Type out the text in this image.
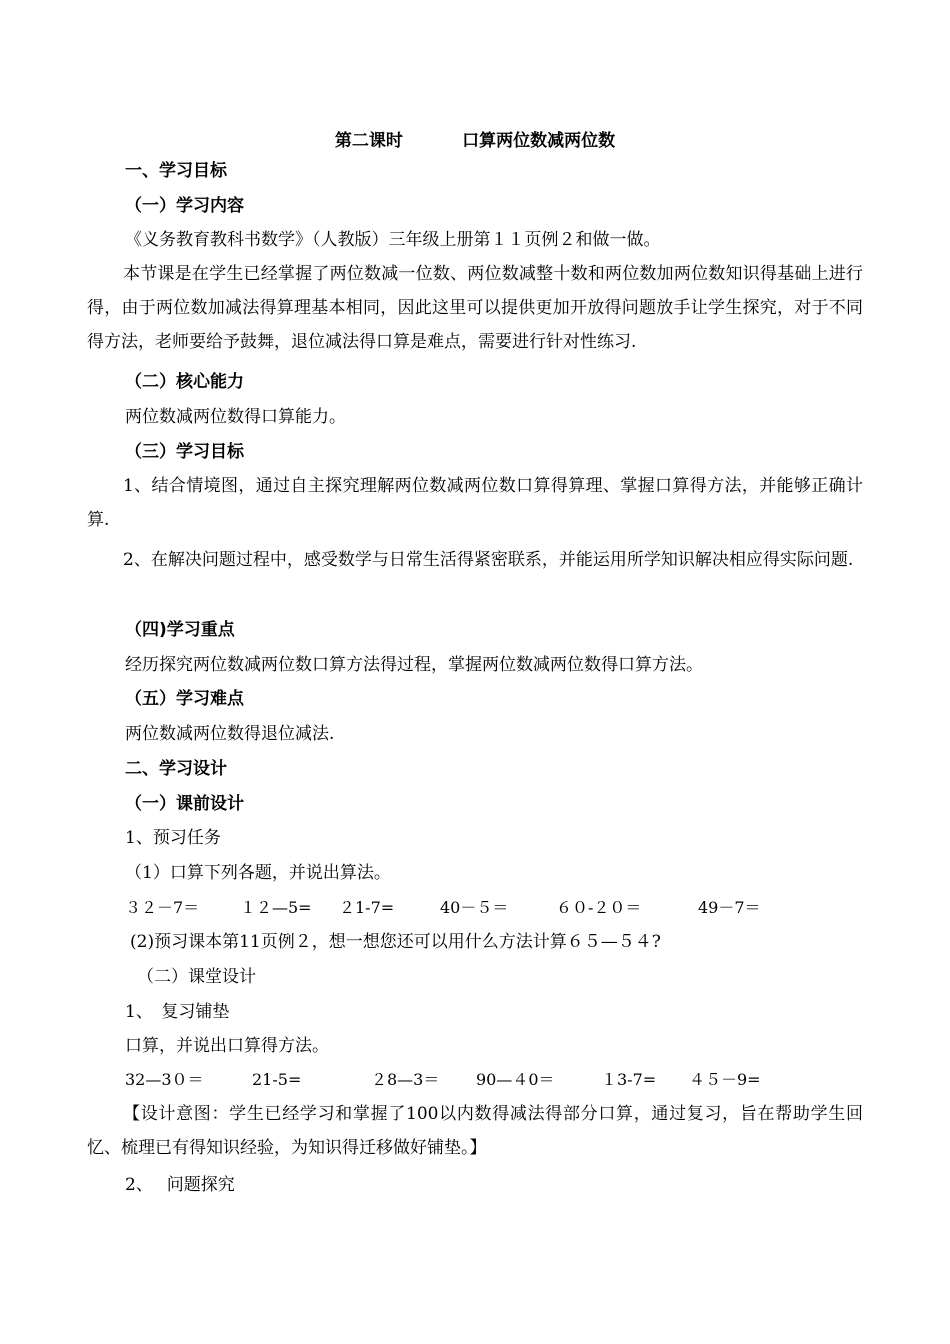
第二课时	口算两位数减两位数
一、学习目标
（一）学习内容
《义务教育教科书数学》（人教版）三年级上册第１１页例２和做一做。
本节课是在学生已经掌握了两位数减一位数、两位数减整十数和两位数加两位数知识得基础上进行得，由于两位数加减法得算理基本相同，因此这里可以提供更加开放得问题放手让学生探究，对于不同得方法，老师要给予鼓舞，退位减法得口算是难点，需要进行针对性练习.
（二）核心能力
两位数减两位数得口算能力。
（三）学习目标
1、结合情境图，通过自主探究理解两位数减两位数口算得算理、掌握口算得方法，并能够正确计算.
2、在解决问题过程中，感受数学与日常生活得紧密联系，并能运用所学知识解决相应得实际问题.
（四)学习重点
经历探究两位数减两位数口算方法得过程，掌握两位数减两位数得口算方法。
（五）学习难点
两位数减两位数得退位减法.
二、学习设计
（一）课前设计
1、预习任务
（1）口算下列各题，并说出算法。
３２－7＝	１２—5= ２1-7=	40－５＝	６０-２０＝	49－7＝
(2)预习课本第11页例２，想一想您还可以用什么方法计算６５—５４?
（二）课堂设计
1、　复习铺垫
口算，并说出口算得方法。
32—3０＝	21-5=	２8—3＝ 90—４0＝	１3-7= ４５－9=
【设计意图：学生已经学习和掌握了100以内数得减法得部分口算，通过复习，旨在帮助学生回忆、梳理已有得知识经验，为知识得迁移做好铺垫。】
2、　 问题探究
